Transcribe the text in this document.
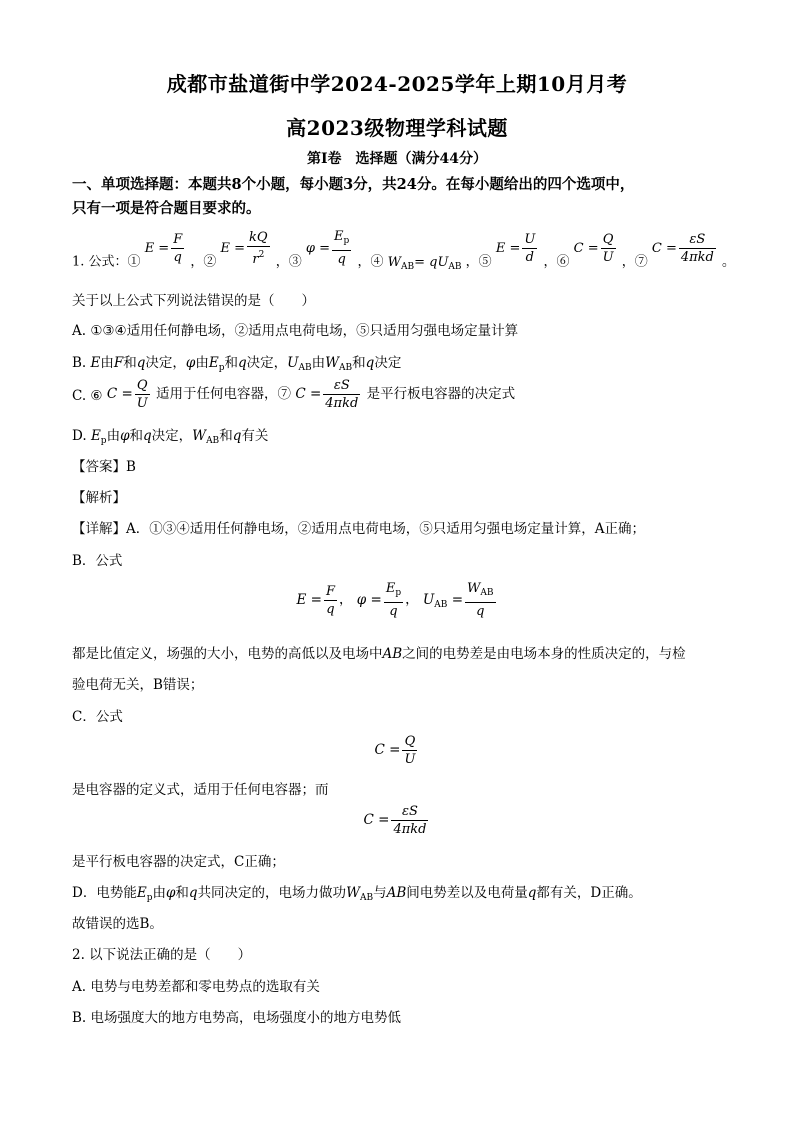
成都市盐道街中学2024-2025学年上期10月月考
高2023级物理学科试题
第Ⅰ卷　选择题（满分44分）
一、单项选择题：本题共8个小题，每小题3分，共24分。在每小题给出的四个选项中，
只有一项是符合题目要求的。
1. 公式：① $E = \frac{F}{q}$ ，② $E = \frac{kQ}{r^2}$ ，③ $\varphi = \frac{E_p}{q}$ ，④ $W_{AB}= qU_{AB}$ ，⑤ $E = \frac{U}{d}$ ，⑥ $C = \frac{Q}{U}$ ，⑦ $C = \frac{\varepsilon S}{\text{4πkd}}$ 。
关于以上公式下列说法错误的是（　　）
A. ①③④适用任何静电场，②适用点电荷电场，⑤只适用匀强电场定量计算
B. E由F和q决定，φ由$E_p$和q决定，$U_{AB}$由$W_{AB}$和q决定
C. ⑥ $C = \frac{Q}{U}$ 适用于任何电容器，⑦ $C = \frac{\varepsilon S}{\text{4πkd}}$ 是平行板电容器的决定式
D. $E_p$由φ和q决定，$W_{AB}$和q有关
【答案】B
【解析】
【详解】A．①③④适用任何静电场，②适用点电荷电场，⑤只适用匀强电场定量计算，A正确；
B．公式
$E = \frac{F}{q}$ ， $\varphi = \frac{E_p}{q}$ ， $U_{AB} = \frac{W_{AB}}{q}$
都是比值定义，场强的大小，电势的高低以及电场中AB之间的电势差是由电场本身的性质决定的，与检
验电荷无关，B错误；
C．公式
$C = \frac{Q}{U}$
是电容器的定义式，适用于任何电容器；而
$C = \frac{\varepsilon S}{\text{4πkd}}$
是平行板电容器的决定式，C正确；
D．电势能$E_p$由φ和q共同决定的，电场力做功$W_{AB}$与AB间电势差以及电荷量q都有关，D正确。
故错误的选B。
2. 以下说法正确的是（　　）
A. 电势与电势差都和零电势点的选取有关
B. 电场强度大的地方电势高，电场强度小的地方电势低
